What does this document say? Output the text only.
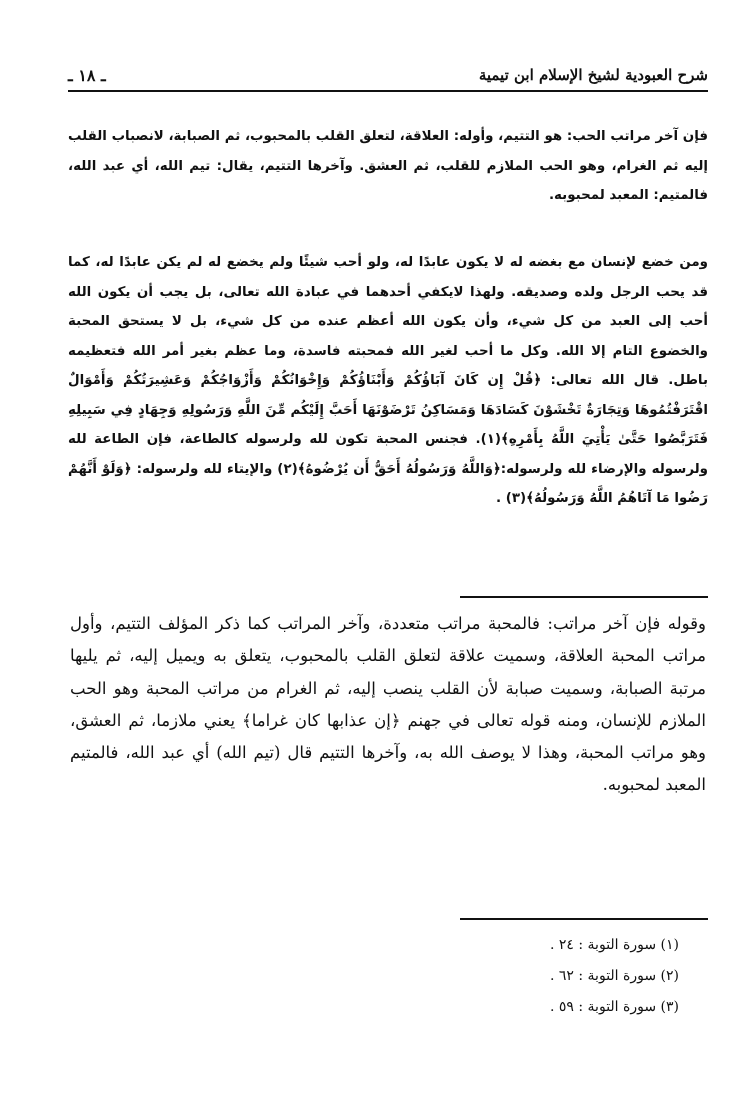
شرح العبودية لشيخ الإسلام ابن تيمية
ـ ١٨ ـ

فإن آخر مراتب الحب: هو التتيم، وأوله: العلاقة، لتعلق القلب بالمحبوب، ثم الصبابة، لانصباب القلب إليه ثم الغرام، وهو الحب الملازم للقلب، ثم العشق. وآخرها التتيم، يقال: تيم الله، أي عبد الله، فالمتيم: المعبد لمحبوبه.

ومن خضع لإنسان مع بغضه له لا يكون عابدًا له، ولو أحب شيئًا ولم يخضع له لم يكن عابدًا له، كما قد يحب الرجل ولده وصديقه. ولهذا لايكفي أحدهما في عبادة الله تعالى، بل يجب أن يكون الله أحب إلى العبد من كل شيء، وأن يكون الله أعظم عنده من كل شيء، بل لا يستحق المحبة والخضوع التام إلا الله. وكل ما أحب لغير الله فمحبته فاسدة، وما عظم بغير أمر الله فتعظيمه باطل. قال الله تعالى: ﴿قُلْ إِن كَانَ آبَاؤُكُمْ وَأَبْنَاؤُكُمْ وَإِخْوَانُكُمْ وَأَزْوَاجُكُمْ وَعَشِيرَتُكُمْ وَأَمْوَالٌ اقْتَرَفْتُمُوهَا وَتِجَارَةٌ تَخْشَوْنَ كَسَادَهَا وَمَسَاكِنُ تَرْضَوْنَهَا أَحَبَّ إِلَيْكُم مِّنَ اللَّهِ وَرَسُولِهِ وَجِهَادٍ فِي سَبِيلِهِ فَتَرَبَّصُوا حَتَّىٰ يَأْتِيَ اللَّهُ بِأَمْرِهِ﴾(١). فجنس المحبة تكون لله ولرسوله كالطاعة، فإن الطاعة لله ولرسوله والإرضاء لله ولرسوله:﴿وَاللَّهُ وَرَسُولُهُ أَحَقُّ أَن يُرْضُوهُ﴾(٢) والإيتاء لله ولرسوله: ﴿وَلَوْ أَنَّهُمْ رَضُوا مَا آتَاهُمُ اللَّهُ وَرَسُولُهُ﴾(٣) .

وقوله فإن آخر مراتب: فالمحبة مراتب متعددة، وآخر المراتب كما ذكر المؤلف التتيم، وأول مراتب المحبة العلاقة، وسميت علاقة لتعلق القلب بالمحبوب، يتعلق به ويميل إليه، ثم يليها مرتبة الصبابة، وسميت صبابة لأن القلب ينصب إليه، ثم الغرام من مراتب المحبة وهو الحب الملازم للإنسان، ومنه قوله تعالى في جهنم ﴿إن عذابها كان غراما﴾ يعني ملازما، ثم العشق، وهو مراتب المحبة، وهذا لا يوصف الله به، وآخرها التتيم قال (تيم الله) أي عبد الله، فالمتيم المعبد لمحبوبه.

(١) سورة التوبة : ٢٤ .
(٢) سورة التوبة : ٦٢ .
(٣) سورة التوبة : ٥٩ .
